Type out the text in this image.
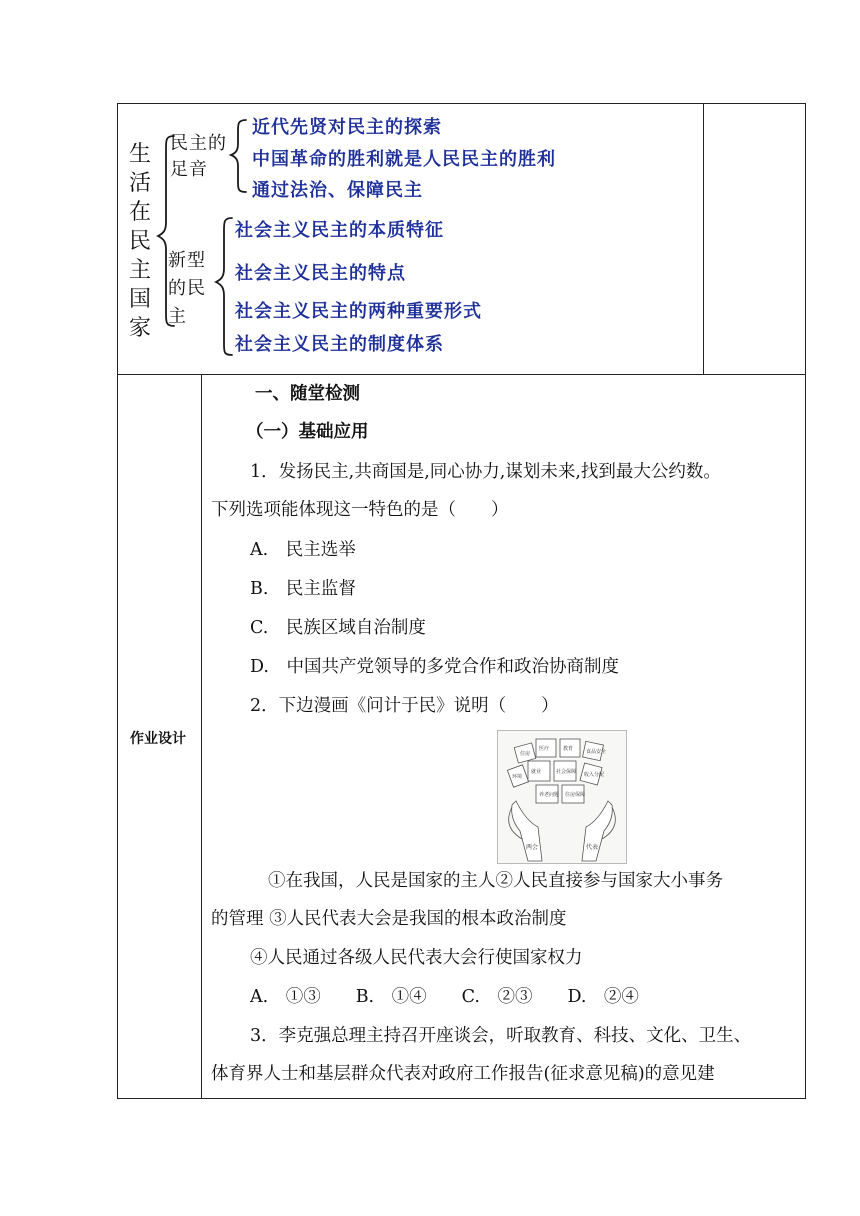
生活在民主国家
民主的
足音
新型
的民
主
近代先贤对民主的探索
中国革命的胜利就是人民民主的胜利
通过法治、保障民主
社会主义民主的本质特征
社会主义民主的特点
社会主义民主的两种重要形式
社会主义民主的制度体系
作业设计
一、随堂检测
（一）基础应用
1．发扬民主,共商国是,同心协力,谋划未来,找到最大公约数。
下列选项能体现这一特色的是（　　）
A.　民主选举
B.　民主监督
C.　民族区域自治制度
D.　中国共产党领导的多党合作和政治协商制度
2．下边漫画《问计于民》说明（　　）
住房
医疗	教育	食品安全
环境
就业	社会保障 收入分配
养老问题 住房保障
两会	代表
①在我国，人民是国家的主人②人民直接参与国家大小事务
的管理 ③人民代表大会是我国的根本政治制度
④人民通过各级人民代表大会行使国家权力
A.　①③　　B.　①④　　C.　②③　　D.　②④
3．李克强总理主持召开座谈会，听取教育、科技、文化、卫生、
体育界人士和基层群众代表对政府工作报告(征求意见稿)的意见建
